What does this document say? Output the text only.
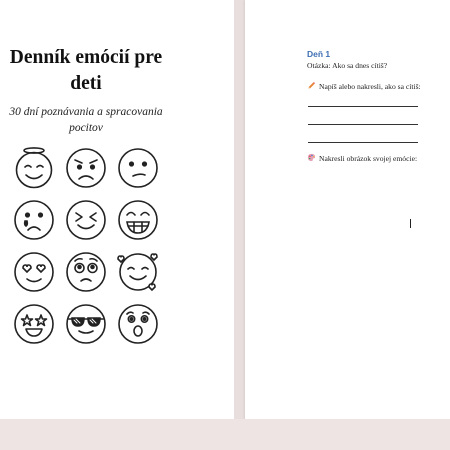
Denník emócií pre deti
30 dní poznávania a spracovania pocitov
Deň 1
Otázka: Ako sa dnes cítiš?
Napíš alebo nakresli, ako sa cítiš:
Nakresli obrázok svojej emócie:
